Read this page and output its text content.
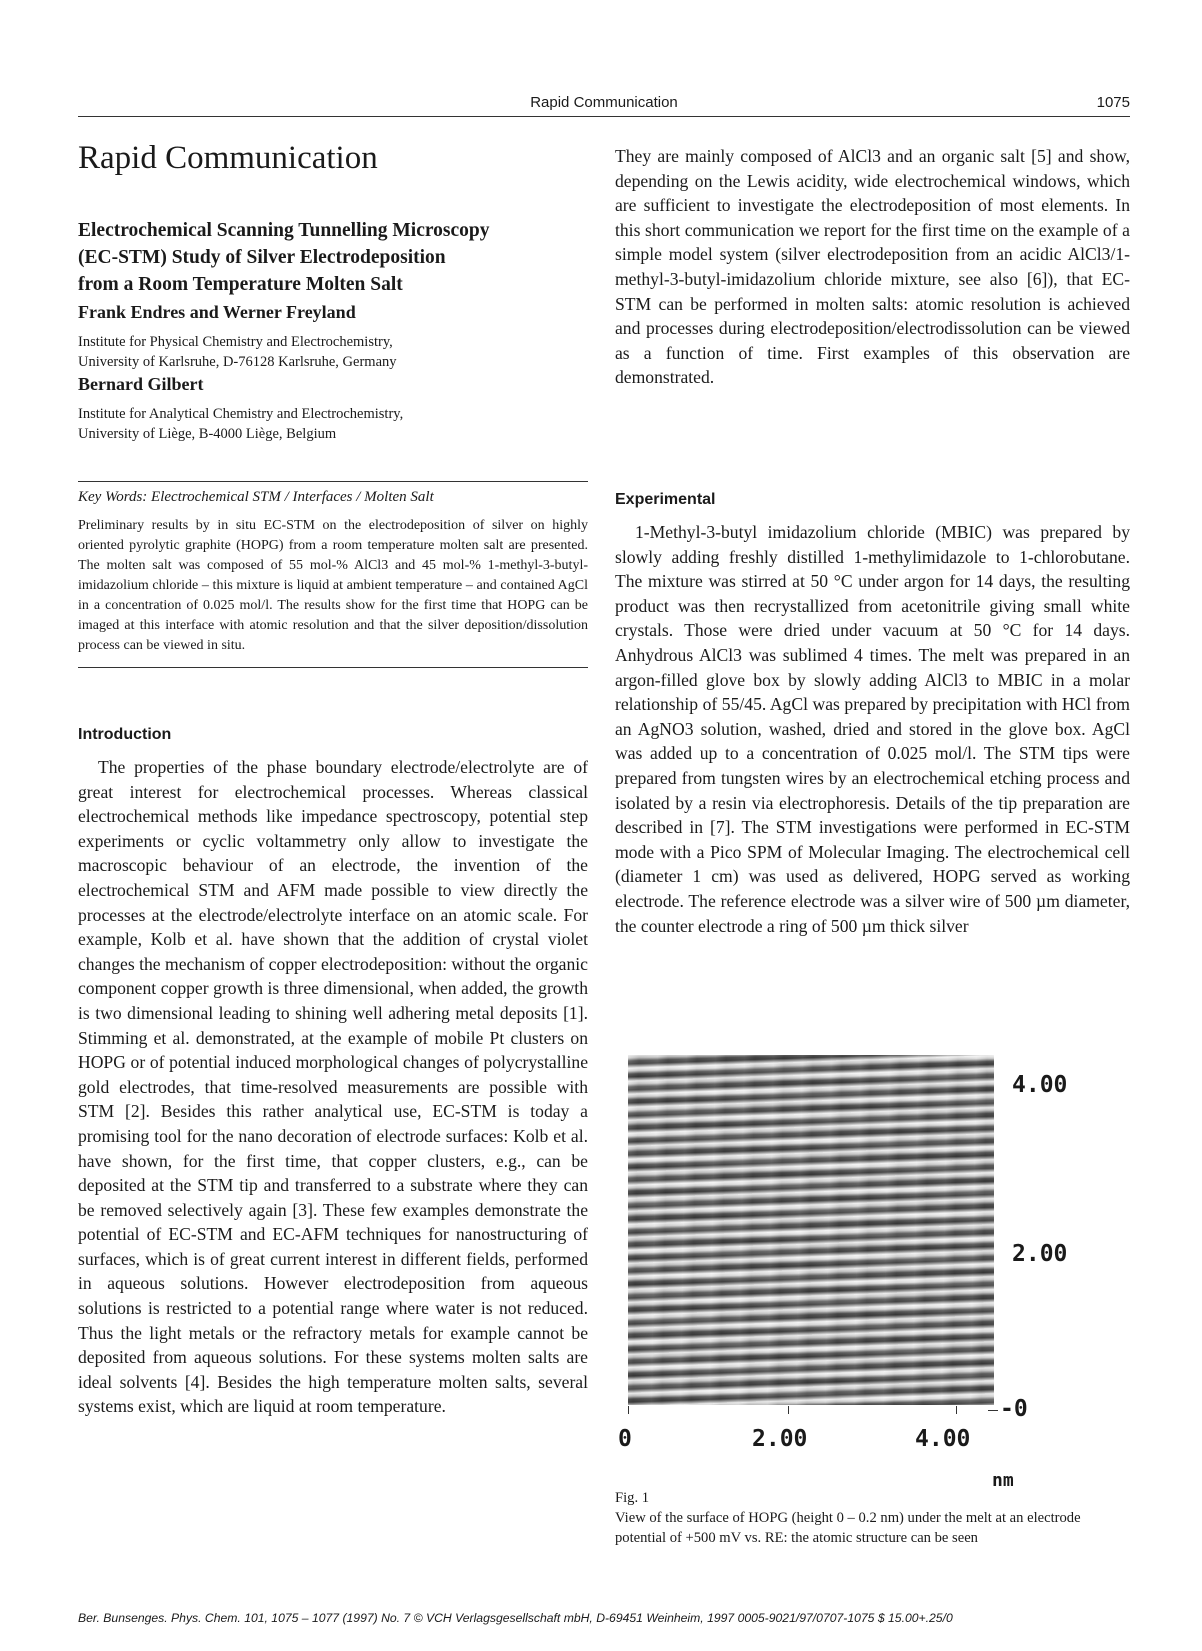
Rapid Communication	1075
Rapid Communication
Electrochemical Scanning Tunnelling Microscopy
(EC-STM) Study of Silver Electrodeposition
from a Room Temperature Molten Salt
Frank Endres and Werner Freyland
Institute for Physical Chemistry and Electrochemistry,
University of Karlsruhe, D-76128 Karlsruhe, Germany
Bernard Gilbert
Institute for Analytical Chemistry and Electrochemistry,
University of Liège, B-4000 Liège, Belgium
Key Words: Electrochemical STM / Interfaces / Molten Salt
Preliminary results by in situ EC-STM on the electrodeposition of silver on highly oriented pyrolytic graphite (HOPG) from a room temperature molten salt are presented. The molten salt was composed of 55 mol-% AlCl3 and 45 mol-% 1-methyl-3-butyl-imidazolium chloride – this mixture is liquid at ambient temperature – and contained AgCl in a concentration of 0.025 mol/l. The results show for the first time that HOPG can be imaged at this interface with atomic resolution and that the silver deposition/dissolution process can be viewed in situ.
Introduction

The properties of the phase boundary electrode/electrolyte are of great interest for electrochemical processes. Whereas classical electrochemical methods like impedance spectroscopy, potential step experiments or cyclic voltammetry only allow to investigate the macroscopic behaviour of an electrode, the invention of the electrochemical STM and AFM made possible to view directly the processes at the electrode/electrolyte interface on an atomic scale. For example, Kolb et al. have shown that the addition of crystal violet changes the mechanism of copper electrodeposition: without the organic component copper growth is three dimensional, when added, the growth is two dimensional leading to shining well adhering metal deposits [1]. Stimming et al. demonstrated, at the example of mobile Pt clusters on HOPG or of potential induced morphological changes of polycrystalline gold electrodes, that time-resolved measurements are possible with STM [2]. Besides this rather analytical use, EC-STM is today a promising tool for the nano decoration of electrode surfaces: Kolb et al. have shown, for the first time, that copper clusters, e.g., can be deposited at the STM tip and transferred to a substrate where they can be removed selectively again [3]. These few examples demonstrate the potential of EC-STM and EC-AFM techniques for nanostructuring of surfaces, which is of great current interest in different fields, performed in aqueous solutions. However electrodeposition from aqueous solutions is restricted to a potential range where water is not reduced. Thus the light metals or the refractory metals for example cannot be deposited from aqueous solutions. For these systems molten salts are ideal solvents [4]. Besides the high temperature molten salts, several systems exist, which are liquid at room temperature.

They are mainly composed of AlCl3 and an organic salt [5] and show, depending on the Lewis acidity, wide electrochemical windows, which are sufficient to investigate the electrodeposition of most elements. In this short communication we report for the first time on the example of a simple model system (silver electrodeposition from an acidic AlCl3/1-methyl-3-butyl-imidazolium chloride mixture, see also [6]), that EC-STM can be performed in molten salts: atomic resolution is achieved and processes during electrodeposition/electrodissolution can be viewed as a function of time. First examples of this observation are demonstrated.

Experimental

1-Methyl-3-butyl imidazolium chloride (MBIC) was prepared by slowly adding freshly distilled 1-methylimidazole to 1-chlorobutane. The mixture was stirred at 50 °C under argon for 14 days, the resulting product was then recrystallized from acetonitrile giving small white crystals. Those were dried under vacuum at 50 °C for 14 days. Anhydrous AlCl3 was sublimed 4 times. The melt was prepared in an argon-filled glove box by slowly adding AlCl3 to MBIC in a molar relationship of 55/45. AgCl was prepared by precipitation with HCl from an AgNO3 solution, washed, dried and stored in the glove box. AgCl was added up to a concentration of 0.025 mol/l. The STM tips were prepared from tungsten wires by an electrochemical etching process and isolated by a resin via electrophoresis. Details of the tip preparation are described in [7]. The STM investigations were performed in EC-STM mode with a Pico SPM of Molecular Imaging. The electrochemical cell (diameter 1 cm) was used as delivered, HOPG served as working electrode. The reference electrode was a silver wire of 500 µm diameter, the counter electrode a ring of 500 µm thick silver

4.00
2.00
-0
0	2.00	4.00
nm
Fig. 1
View of the surface of HOPG (height 0 – 0.2 nm) under the melt at an electrode potential of +500 mV vs. RE: the atomic structure can be seen
Ber. Bunsenges. Phys. Chem. 101, 1075 – 1077 (1997) No. 7 © VCH Verlagsgesellschaft mbH, D-69451 Weinheim, 1997 0005-9021/97/0707-1075 $ 15.00+.25/0
